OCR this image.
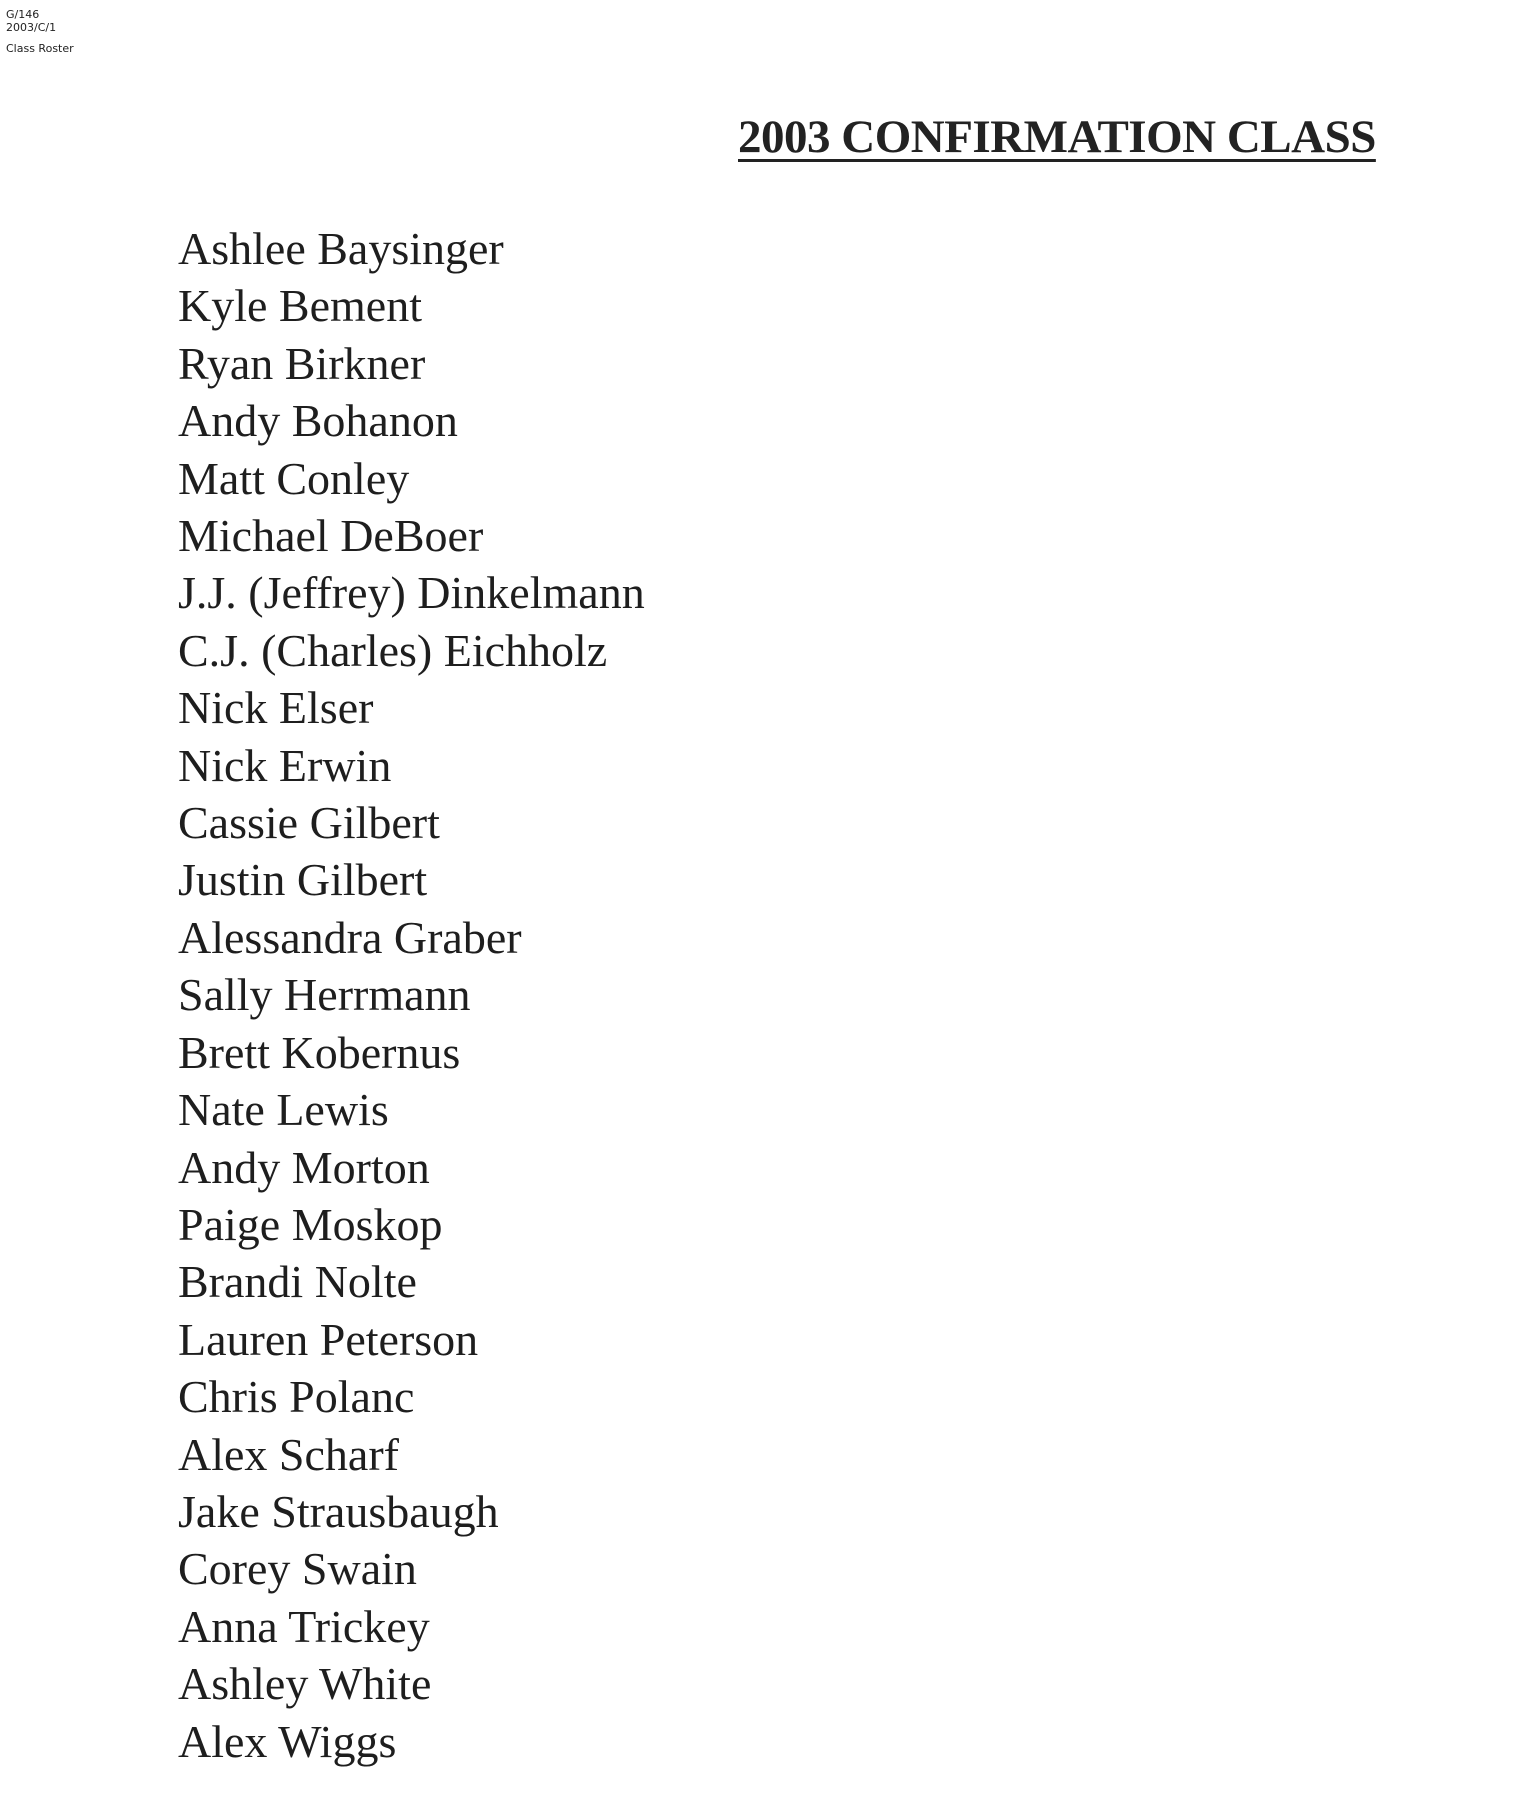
G/146
2003/C/1
Class Roster
2003 CONFIRMATION CLASS
Ashlee Baysinger
Kyle Bement
Ryan Birkner
Andy Bohanon
Matt Conley
Michael DeBoer
J.J. (Jeffrey) Dinkelmann
C.J. (Charles) Eichholz
Nick Elser
Nick Erwin
Cassie Gilbert
Justin Gilbert
Alessandra Graber
Sally Herrmann
Brett Kobernus
Nate Lewis
Andy Morton
Paige Moskop
Brandi Nolte
Lauren Peterson
Chris Polanc
Alex Scharf
Jake Strausbaugh
Corey Swain
Anna Trickey
Ashley White
Alex Wiggs
